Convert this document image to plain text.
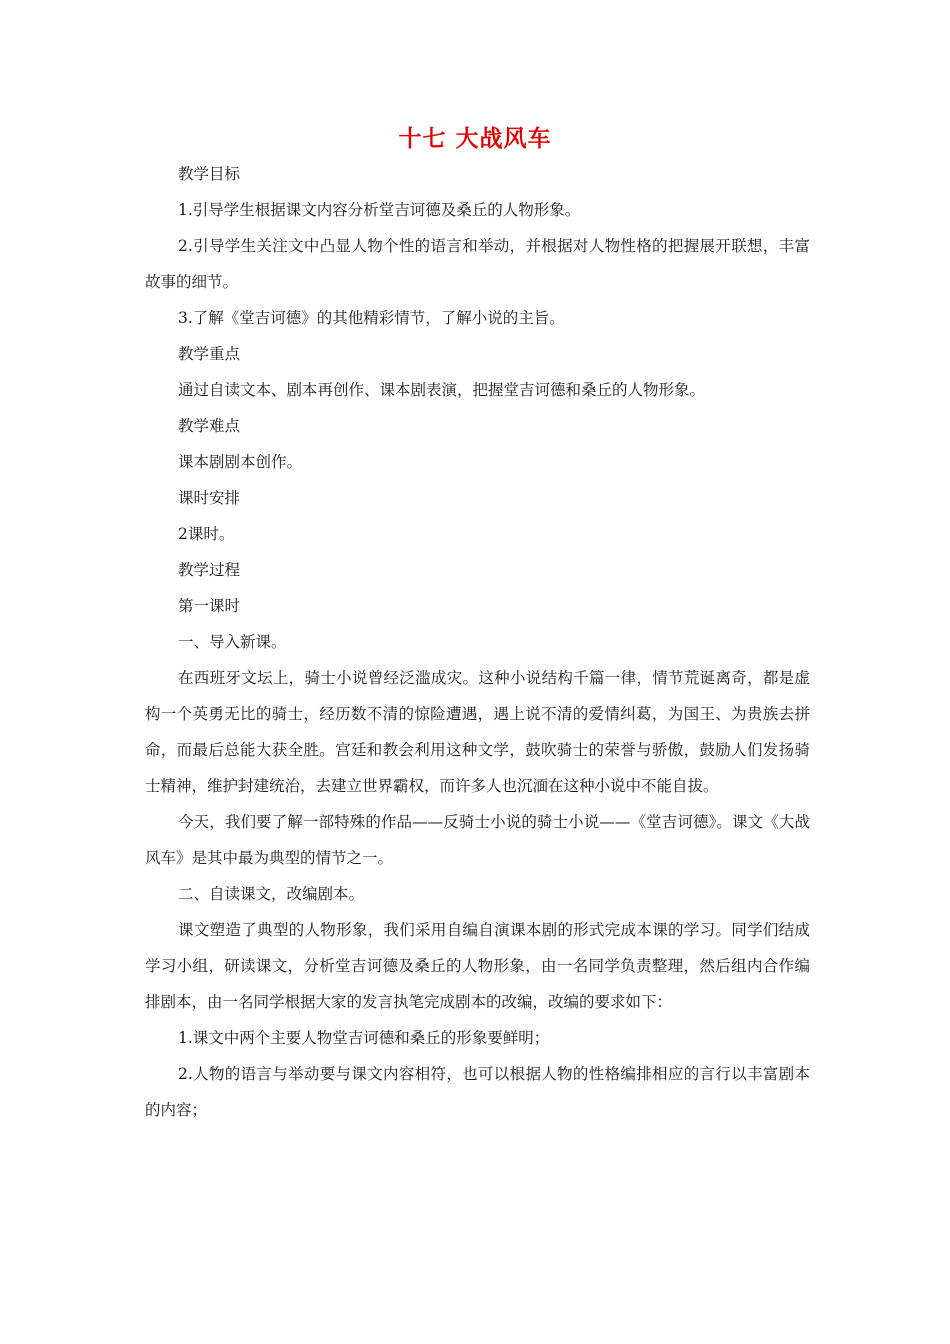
十七 大战风车

教学目标

1.引导学生根据课文内容分析堂吉诃德及桑丘的人物形象。

2.引导学生关注文中凸显人物个性的语言和举动，并根据对人物性格的把握展开联想，丰富故事的细节。

3.了解《堂吉诃德》的其他精彩情节，了解小说的主旨。

教学重点

通过自读文本、剧本再创作、课本剧表演，把握堂吉诃德和桑丘的人物形象。

教学难点

课本剧剧本创作。

课时安排

2课时。

教学过程

第一课时

一、导入新课。

在西班牙文坛上，骑士小说曾经泛滥成灾。这种小说结构千篇一律，情节荒诞离奇，都是虚构一个英勇无比的骑士，经历数不清的惊险遭遇，遇上说不清的爱情纠葛，为国王、为贵族去拼命，而最后总能大获全胜。宫廷和教会利用这种文学，鼓吹骑士的荣誉与骄傲，鼓励人们发扬骑士精神，维护封建统治，去建立世界霸权，而许多人也沉湎在这种小说中不能自拔。

今天，我们要了解一部特殊的作品——反骑士小说的骑士小说——《堂吉诃德》。课文《大战风车》是其中最为典型的情节之一。

二、自读课文，改编剧本。

课文塑造了典型的人物形象，我们采用自编自演课本剧的形式完成本课的学习。同学们结成学习小组，研读课文，分析堂吉诃德及桑丘的人物形象，由一名同学负责整理，然后组内合作编排剧本，由一名同学根据大家的发言执笔完成剧本的改编，改编的要求如下：

1.课文中两个主要人物堂吉诃德和桑丘的形象要鲜明；

2.人物的语言与举动要与课文内容相符，也可以根据人物的性格编排相应的言行以丰富剧本的内容；
